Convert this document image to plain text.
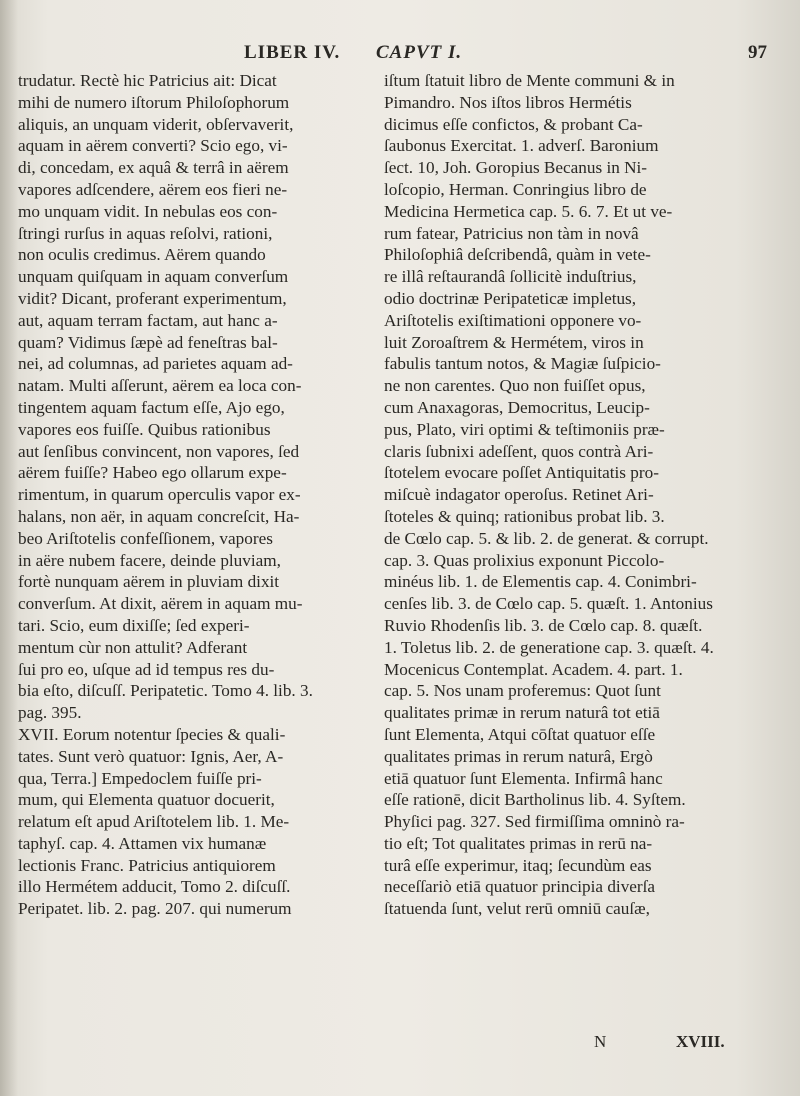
LIBER IV. CAPVT I.	97

trudatur. Rectè hic Patricius ait: Dicat

mihi de numero iſtorum Philoſophorum

aliquis, an unquam viderit, obſervaverit,

aquam in aërem converti? Scio ego, vi-

di, concedam, ex aquâ & terrâ in aërem

vapores adſcendere, aërem eos fieri ne-

mo unquam vidit. In nebulas eos con-

ſtringi rurſus in aquas reſolvi, rationi,

non oculis credimus. Aërem quando

unquam quiſquam in aquam converſum

vidit? Dicant, proferant experimentum,

aut, aquam terram factam, aut hanc a-

quam? Vidimus ſæpè ad feneſtras bal-

nei, ad columnas, ad parietes aquam ad-

natam. Multi aſſerunt, aërem ea loca con-

tingentem aquam factum eſſe, Ajo ego,

vapores eos fuiſſe. Quibus rationibus

aut ſenſibus convincent, non vapores, ſed

aërem fuiſſe? Habeo ego ollarum expe-

rimentum, in quarum operculis vapor ex-

halans, non aër, in aquam concreſcit, Ha-

beo Ariſtotelis confeſſionem, vapores

in aëre nubem facere, deinde pluviam,

fortè nunquam aërem in pluviam dixit

converſum. At dixit, aërem in aquam mu-

tari. Scio, eum dixiſſe; ſed experi-

mentum cùr non attulit? Adferant

ſui pro eo, uſque ad id tempus res du-

bia eſto, diſcuſſ. Peripatetic. Tomo 4. lib. 3.

pag. 395.

XVII. Eorum notentur ſpecies & quali-

tates. Sunt verò quatuor: Ignis, Aer, A-

qua, Terra.] Empedoclem fuiſſe pri-

mum, qui Elementa quatuor docuerit,

relatum eſt apud Ariſtotelem lib. 1. Me-

taphyſ. cap. 4. Attamen vix humanæ

lectionis Franc. Patricius antiquiorem

illo Hermétem adducit, Tomo 2. diſcuſſ.

Peripatet. lib. 2. pag. 207. qui numerum

iſtum ſtatuit libro de Mente communi & in

Pimandro. Nos iſtos libros Hermétis

dicimus eſſe confictos, & probant Ca-

ſaubonus Exercitat. 1. adverſ. Baronium

ſect. 10, Joh. Goropius Becanus in Ni-

loſcopio, Herman. Conringius libro de

Medicina Hermetica cap. 5. 6. 7. Et ut ve-

rum fatear, Patricius non tàm in novâ

Philoſophiâ deſcribendâ, quàm in vete-

re illâ reſtaurandâ ſollicitè induſtrius,

odio doctrinæ Peripateticæ impletus,

Ariſtotelis exiſtimationi opponere vo-

luit Zoroaſtrem & Hermétem, viros in

fabulis tantum notos, & Magiæ ſuſpicio-

ne non carentes. Quo non fuiſſet opus,

cum Anaxagoras, Democritus, Leucip-

pus, Plato, viri optimi & teſtimoniis præ-

claris ſubnixi adeſſent, quos contrà Ari-

ſtotelem evocare poſſet Antiquitatis pro-

miſcuè indagator operoſus. Retinet Ari-

ſtoteles & quinq; rationibus probat lib. 3.

de Cœlo cap. 5. & lib. 2. de generat. & corrupt.

cap. 3. Quas prolixius exponunt Piccolo-

minéus lib. 1. de Elementis cap. 4. Conimbri-

cenſes lib. 3. de Cœlo cap. 5. quæſt. 1. Antonius

Ruvio Rhodenſis lib. 3. de Cœlo cap. 8. quæſt.

1. Toletus lib. 2. de generatione cap. 3. quæſt. 4.

Mocenicus Contemplat. Academ. 4. part. 1.

cap. 5. Nos unam proferemus: Quot ſunt

qualitates primæ in rerum naturâ tot etiā

ſunt Elementa, Atqui cōſtat quatuor eſſe

qualitates primas in rerum naturâ, Ergò

etiā quatuor ſunt Elementa. Infirmâ hanc

eſſe rationē, dicit Bartholinus lib. 4. Syſtem.

Phyſici pag. 327. Sed firmiſſima omninò ra-

tio eſt; Tot qualitates primas in rerū na-

turâ eſſe experimur, itaq; ſecundùm eas

neceſſariò etiā quatuor principia diverſa

ſtatuenda ſunt, velut rerū omniū cauſæ,

N	XVIII.
